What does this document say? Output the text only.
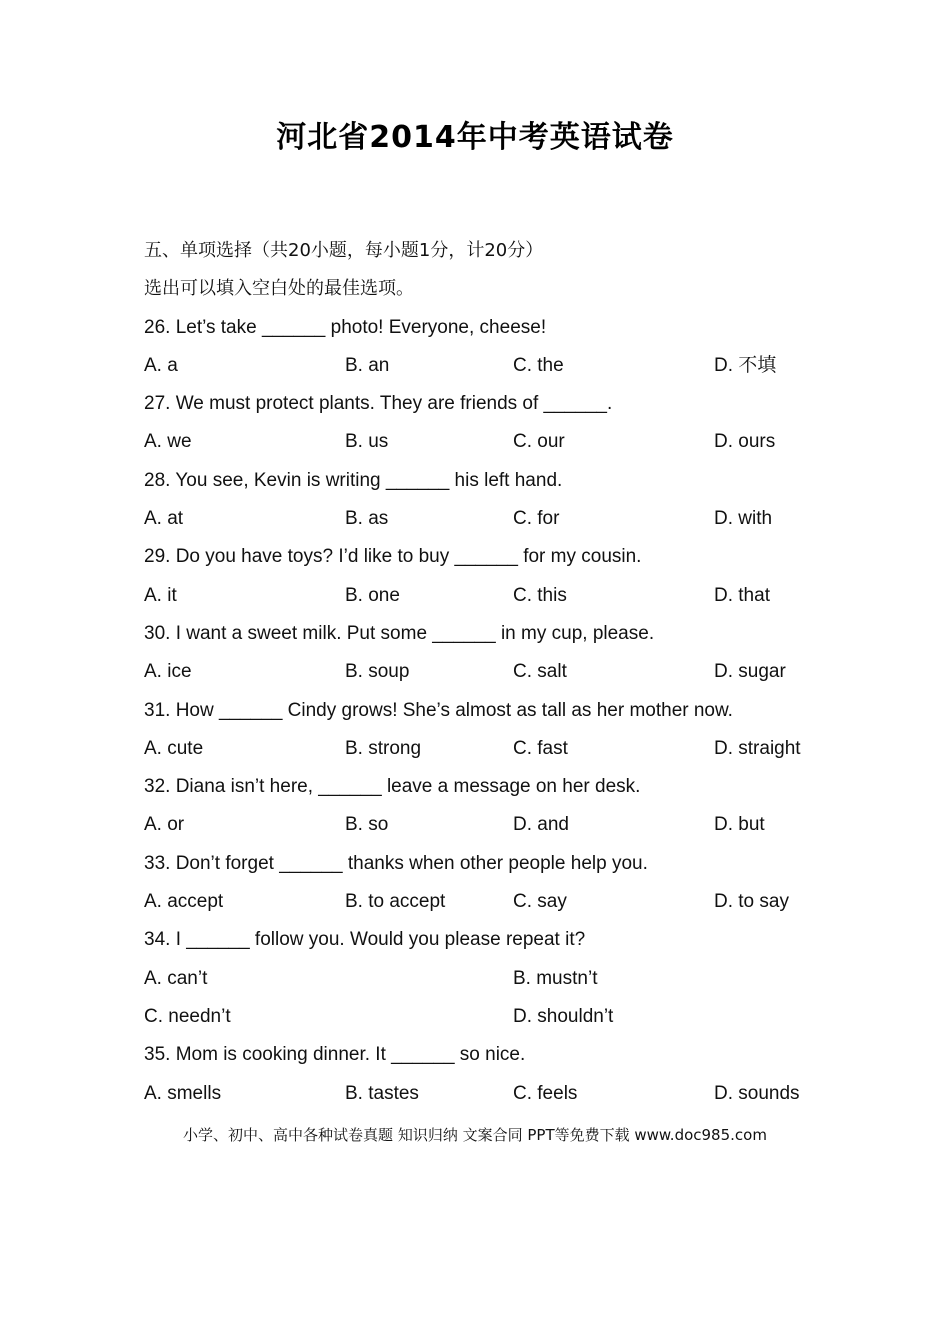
河北省2014年中考英语试卷
五、单项选择（共20小题，每小题1分，计20分）
选出可以填入空白处的最佳选项。
26. Let’s take ______ photo! Everyone, cheese!
A. a	B. an	C. the	D. 不填
27. We must protect plants. They are friends of ______.
A. we	B. us	C. our	D. ours
28. You see, Kevin is writing ______ his left hand.
A. at	B. as	C. for	D. with
29. Do you have toys? I’d like to buy ______ for my cousin.
A. it	B. one	C. this	D. that
30. I want a sweet milk. Put some ______ in my cup, please.
A. ice	B. soup	C. salt	D. sugar
31. How ______ Cindy grows! She’s almost as tall as her mother now.
A. cute	B. strong	C. fast	D. straight
32. Diana isn’t here, ______ leave a message on her desk.
A. or	B. so	D. and	D. but
33. Don’t forget ______ thanks when other people help you.
A. accept	B. to accept	C. say	D. to say
34. I ______ follow you. Would you please repeat it?
A. can’t	B. mustn’t
C. needn’t	D. shouldn’t
35. Mom is cooking dinner. It ______ so nice.
A. smells	B. tastes	C. feels	D. sounds
小学、初中、高中各种试卷真题 知识归纳 文案合同 PPT等免费下载 www.doc985.com
